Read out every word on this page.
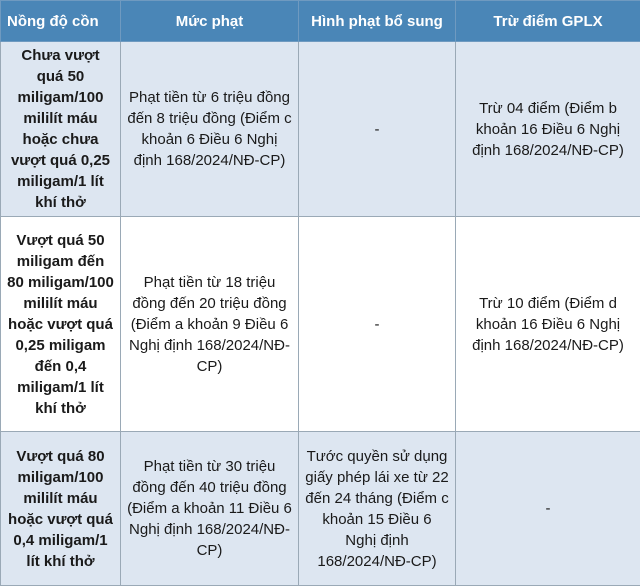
Nồng độ cồn	Mức phạt	Hình phạt bổ sung	Trừ điểm GPLX
Chưa vượt quá 50 miligam/100 mililít máu hoặc chưa vượt quá 0,25 miligam/1 lít khí thở	Phạt tiền từ 6 triệu đồng đến 8 triệu đồng (Điểm c khoản 6 Điều 6 Nghị định 168/2024/NĐ-CP)	-	Trừ 04 điểm (Điểm b khoản 16 Điều 6 Nghị định 168/2024/NĐ-CP)
Vượt quá 50 miligam đến 80 miligam/100 mililít máu hoặc vượt quá 0,25 miligam đến 0,4 miligam/1 lít khí thở	Phạt tiền từ 18 triệu đồng đến 20 triệu đồng (Điểm a khoản 9 Điều 6 Nghị định 168/2024/NĐ-CP)	-	Trừ 10 điểm (Điểm d khoản 16 Điều 6 Nghị định 168/2024/NĐ-CP)
Vượt quá 80 miligam/100 mililít máu hoặc vượt quá 0,4 miligam/1 lít khí thở	Phạt tiền từ 30 triệu đồng đến 40 triệu đồng (Điểm a khoản 11 Điều 6 Nghị định 168/2024/NĐ-CP)	Tước quyền sử dụng giấy phép lái xe từ 22 đến 24 tháng (Điểm c khoản 15 Điều 6 Nghị định 168/2024/NĐ-CP)	-
